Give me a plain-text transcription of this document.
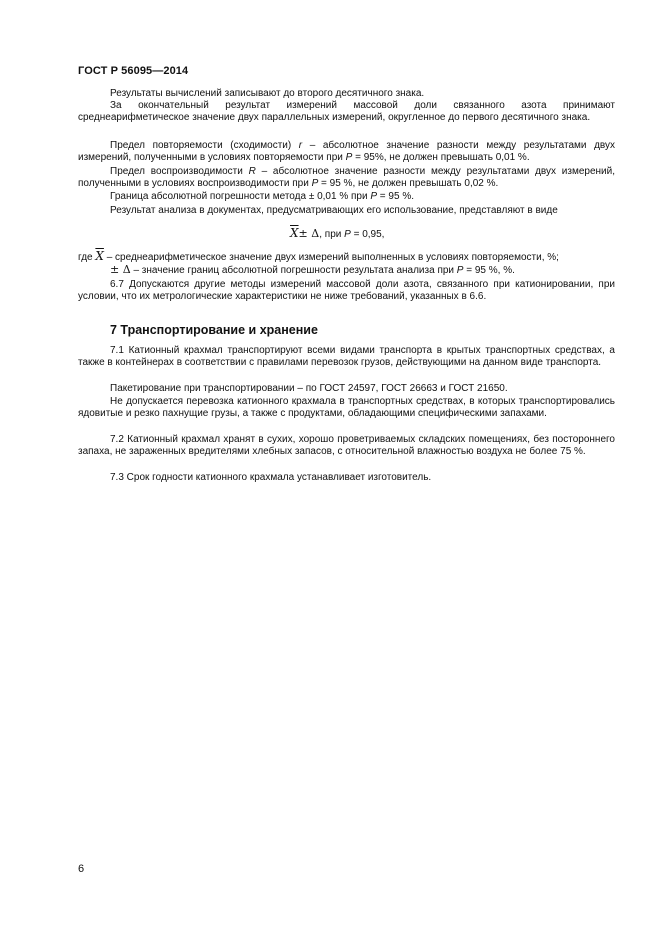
ГОСТ Р 56095—2014

Результаты вычислений записывают до второго десятичного знака.

За окончательный результат измерений массовой доли связанного азота принимают среднеарифметическое значение двух параллельных измерений, округленное до первого десятичного знака.

Предел повторяемости (сходимости) r – абсолютное значение разности между результатами двух измерений, полученными в условиях повторяемости при P = 95%, не должен превышать 0,01 %.

Предел воспроизводимости R – абсолютное значение разности между результатами двух измерений, полученными в условиях воспроизводимости при P = 95 %, не должен превышать 0,02 %.

Граница абсолютной погрешности метода ± 0,01 % при P = 95 %.

Результат анализа в документах, предусматривающих его использование, представляют в виде

$\overline{X}\pm \Delta$, при P = 0,95,

где $\overline{X}$ – среднеарифметическое значение двух измерений выполненных в условиях повторяемости, %;

± Δ – значение границ абсолютной погрешности результата анализа при P = 95 %, %.

6.7 Допускаются другие методы измерений массовой доли азота, связанного при катионировании, при условии, что их метрологические характеристики не ниже требований, указанных в 6.6.

7 Транспортирование и хранение

7.1 Катионный крахмал транспортируют всеми видами транспорта в крытых транспортных средствах, а также в контейнерах в соответствии с правилами перевозок грузов, действующими на данном виде транспорта.

Пакетирование при транспортировании – по ГОСТ 24597, ГОСТ 26663 и ГОСТ 21650.

Не допускается перевозка катионного крахмала в транспортных средствах, в которых транспортировались ядовитые и резко пахнущие грузы, а также с продуктами, обладающими специфическими запахами.

7.2 Катионный крахмал хранят в сухих, хорошо проветриваемых складских помещениях, без постороннего запаха, не зараженных вредителями хлебных запасов, с относительной влажностью воздуха не более 75 %.

7.3 Срок годности катионного крахмала устанавливает изготовитель.

6
